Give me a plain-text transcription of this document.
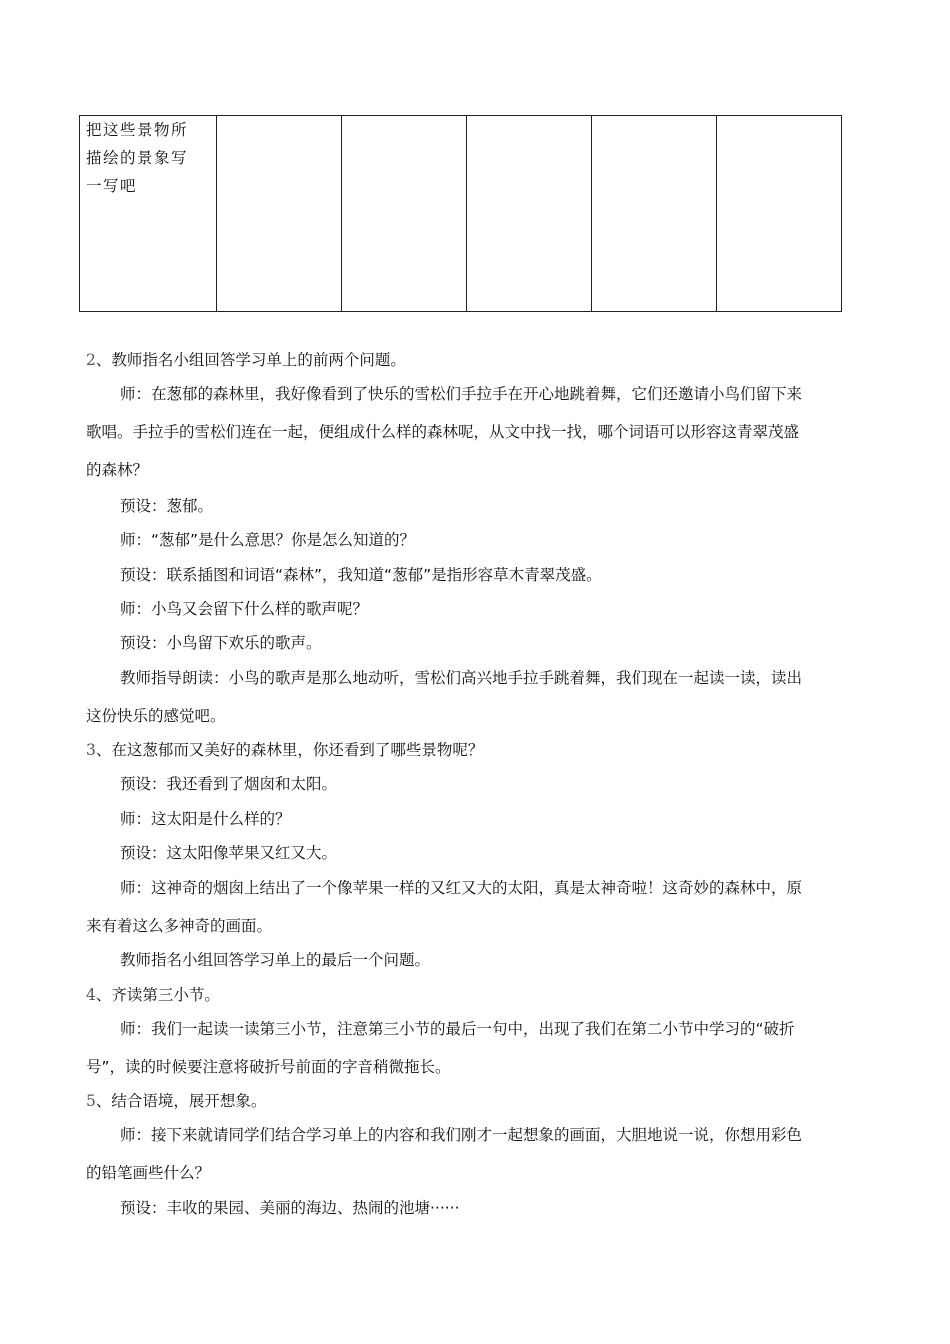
把这些景物所
描绘的景象写
一写吧

2、教师指名小组回答学习单上的前两个问题。
师：在葱郁的森林里，我好像看到了快乐的雪松们手拉手在开心地跳着舞，它们还邀请小鸟们留下来
歌唱。手拉手的雪松们连在一起，便组成什么样的森林呢，从文中找一找，哪个词语可以形容这青翠茂盛
的森林？
预设：葱郁。
师：“葱郁”是什么意思？你是怎么知道的？
预设：联系插图和词语“森林”，我知道“葱郁”是指形容草木青翠茂盛。
师：小鸟又会留下什么样的歌声呢？
预设：小鸟留下欢乐的歌声。
教师指导朗读：小鸟的歌声是那么地动听，雪松们高兴地手拉手跳着舞，我们现在一起读一读，读出
这份快乐的感觉吧。
3、在这葱郁而又美好的森林里，你还看到了哪些景物呢？
预设：我还看到了烟囱和太阳。
师：这太阳是什么样的？
预设：这太阳像苹果又红又大。
师：这神奇的烟囱上结出了一个像苹果一样的又红又大的太阳，真是太神奇啦！这奇妙的森林中，原
来有着这么多神奇的画面。
教师指名小组回答学习单上的最后一个问题。
4、齐读第三小节。
师：我们一起读一读第三小节，注意第三小节的最后一句中，出现了我们在第二小节中学习的“破折
号”，读的时候要注意将破折号前面的字音稍微拖长。
5、结合语境，展开想象。
师：接下来就请同学们结合学习单上的内容和我们刚才一起想象的画面，大胆地说一说，你想用彩色
的铅笔画些什么？
预设：丰收的果园、美丽的海边、热闹的池塘······
